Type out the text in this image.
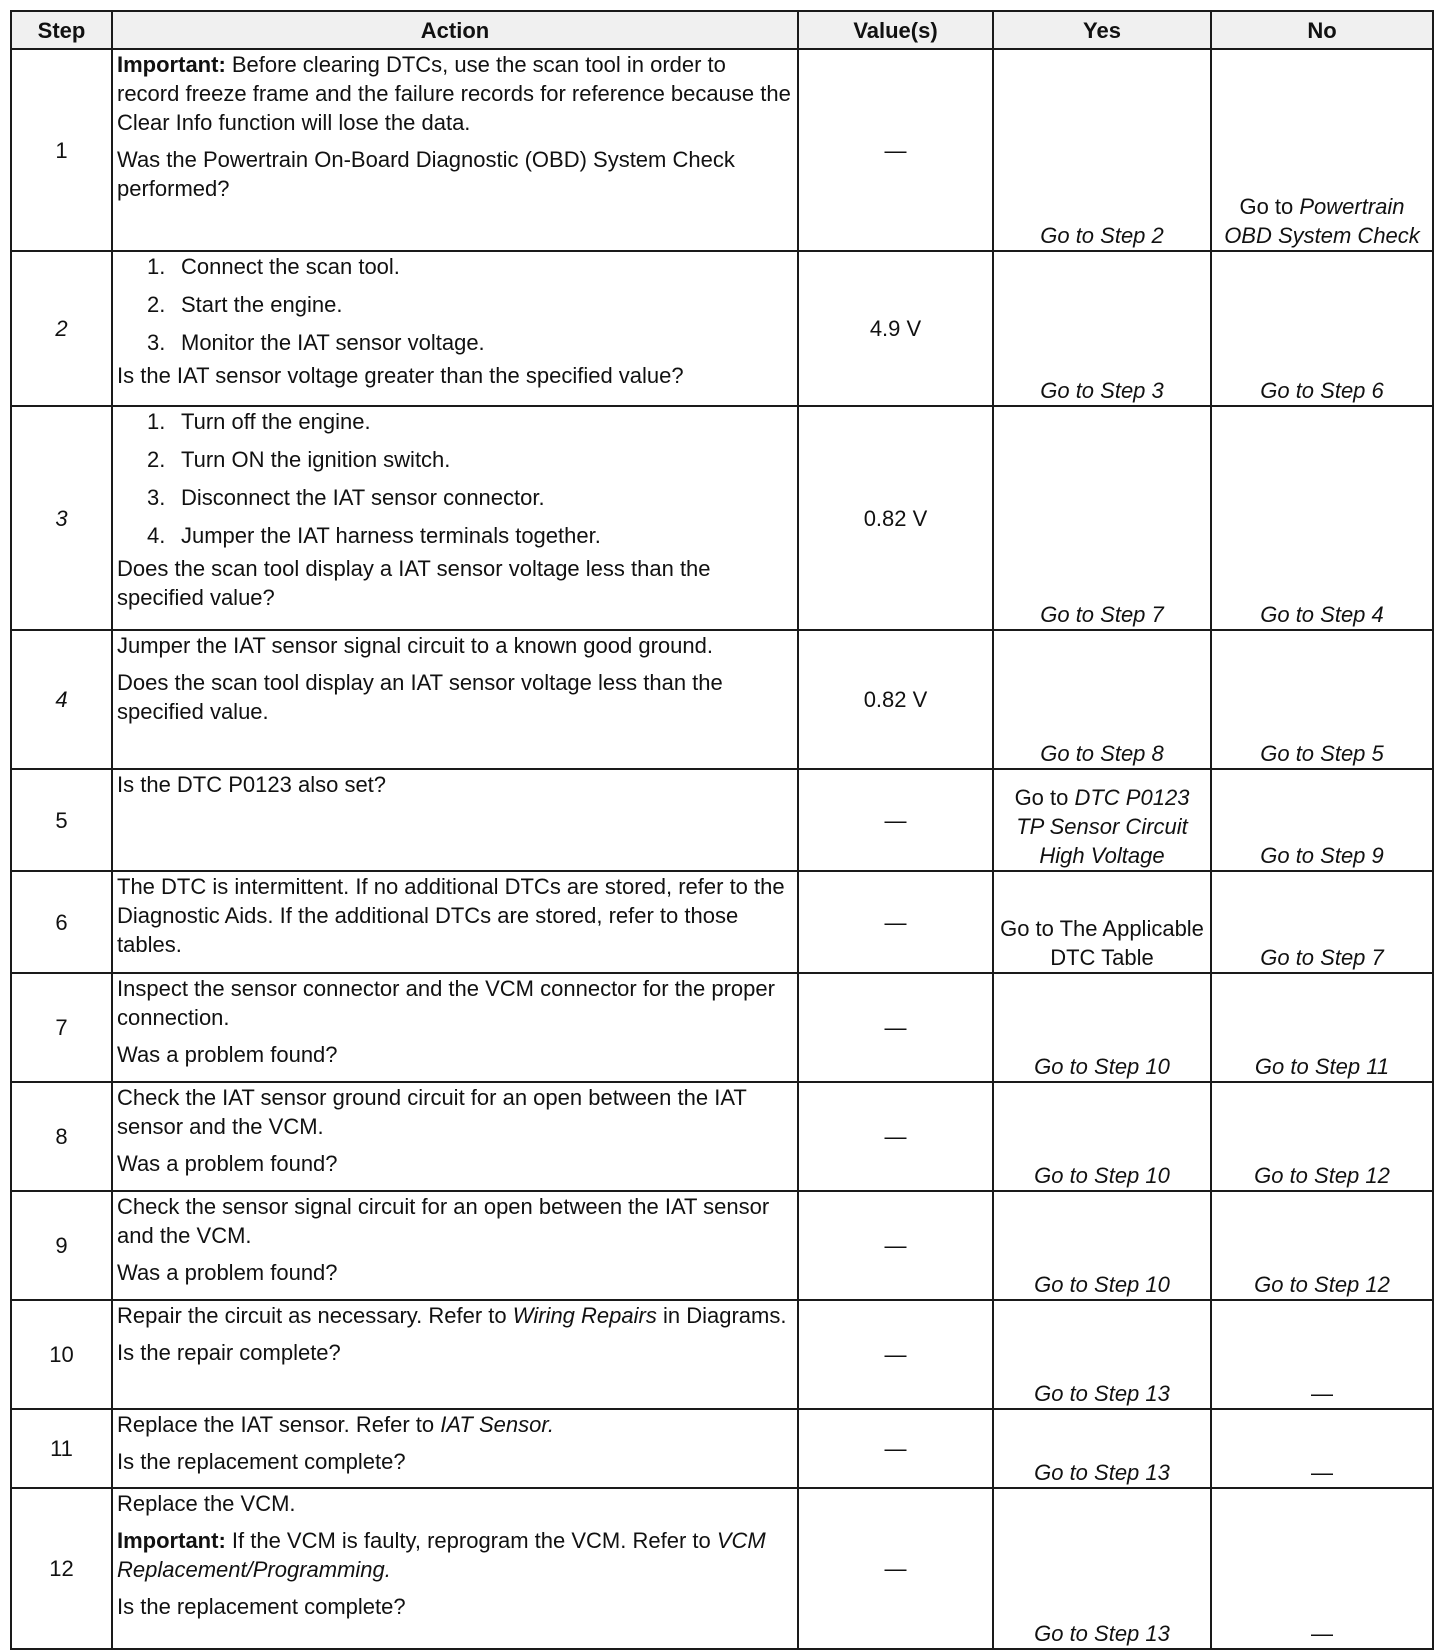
Step	Action	Value(s)	Yes	No
1	Important: Before clearing DTCs, use the scan tool in order to record freeze frame and the failure records for reference because the Clear Info function will lose the data.

Was the Powertrain On-Board Diagnostic (OBD) System Check performed?	—	Go to Step 2	Go to Powertrain OBD System Check
2	1. Connect the scan tool.
2. Start the engine.
3. Monitor the IAT sensor voltage.

Is the IAT sensor voltage greater than the specified value?	4.9 V	Go to Step 3	Go to Step 6
3	1. Turn off the engine.
2. Turn ON the ignition switch.
3. Disconnect the IAT sensor connector.
4. Jumper the IAT harness terminals together.

Does the scan tool display a IAT sensor voltage less than the specified value?	0.82 V	Go to Step 7	Go to Step 4
4	Jumper the IAT sensor signal circuit to a known good ground.

Does the scan tool display an IAT sensor voltage less than the specified value.	0.82 V	Go to Step 8	Go to Step 5
5	Is the DTC P0123 also set?	—	Go to DTC P0123 TP Sensor Circuit High Voltage	Go to Step 9
6	The DTC is intermittent. If no additional DTCs are stored, refer to the Diagnostic Aids. If the additional DTCs are stored, refer to those tables.	—	Go to The Applicable DTC Table	Go to Step 7
7	Inspect the sensor connector and the VCM connector for the proper connection.

Was a problem found?	—	Go to Step 10	Go to Step 11
8	Check the IAT sensor ground circuit for an open between the IAT sensor and the VCM.

Was a problem found?	—	Go to Step 10	Go to Step 12
9	Check the sensor signal circuit for an open between the IAT sensor and the VCM.

Was a problem found?	—	Go to Step 10	Go to Step 12
10	Repair the circuit as necessary. Refer to Wiring Repairs in Diagrams.

Is the repair complete?	—	Go to Step 13	—
11	Replace the IAT sensor. Refer to IAT Sensor.

Is the replacement complete?	—	Go to Step 13	—
12	Replace the VCM.

Important: If the VCM is faulty, reprogram the VCM. Refer to VCM Replacement/Programming.

Is the replacement complete?	—	Go to Step 13	—
